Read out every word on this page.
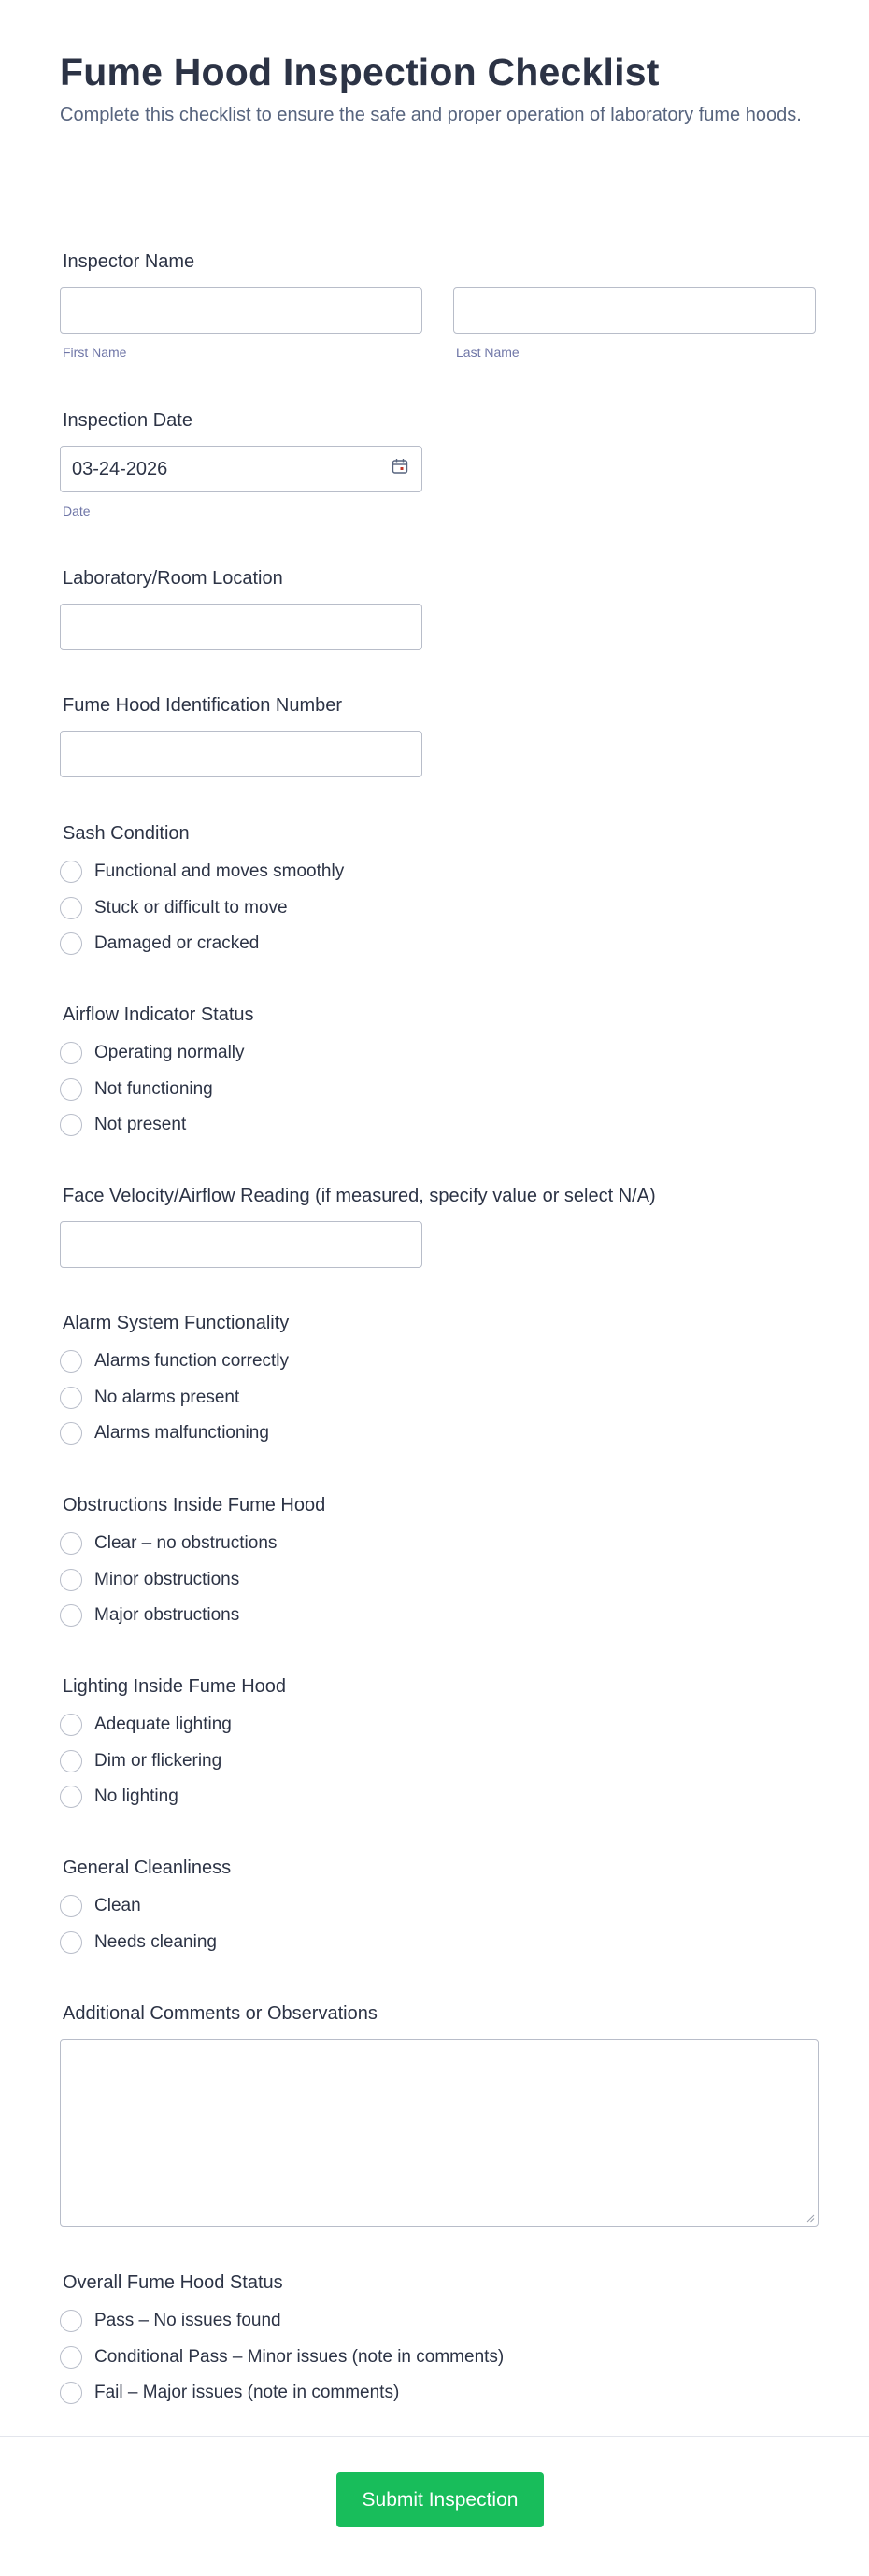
Fume Hood Inspection Checklist

Complete this checklist to ensure the safe and proper operation of laboratory fume hoods.

Inspector Name
First Name	Last Name
Inspection Date
03-24-2026
Date
Laboratory/Room Location
Fume Hood Identification Number
Sash Condition
Functional and moves smoothly
Stuck or difficult to move
Damaged or cracked
Airflow Indicator Status
Operating normally
Not functioning
Not present
Face Velocity/Airflow Reading (if measured, specify value or select N/A)
Alarm System Functionality
Alarms function correctly
No alarms present
Alarms malfunctioning
Obstructions Inside Fume Hood
Clear – no obstructions
Minor obstructions
Major obstructions
Lighting Inside Fume Hood
Adequate lighting
Dim or flickering
No lighting
General Cleanliness
Clean
Needs cleaning
Additional Comments or Observations
Overall Fume Hood Status
Pass – No issues found
Conditional Pass – Minor issues (note in comments)
Fail – Major issues (note in comments)
Submit Inspection
